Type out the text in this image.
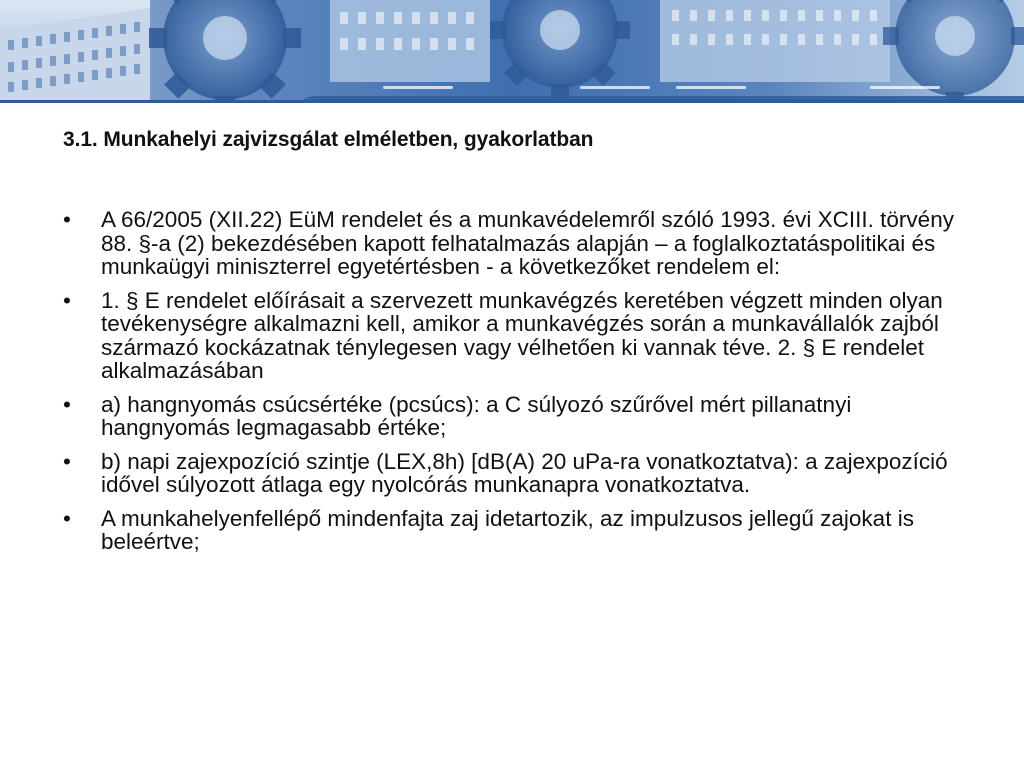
3.1. Munkahelyi zajvizsgálat elméletben, gyakorlatban
•	A 66/2005 (XII.22) EüM rendelet és a munkavédelemről szóló 1993. évi XCIII. törvény 88. §-a (2) bekezdésében kapott felhatalmazás alapján – a foglalkoztatáspolitikai és munkaügyi miniszterrel egyetértésben - a következőket rendelem el:
•	1. § E rendelet előírásait a szervezett munkavégzés keretében végzett minden olyan tevékenységre alkalmazni kell, amikor a munkavégzés során a munkavállalók zajból származó kockázatnak ténylegesen vagy vélhetően ki vannak téve. 2. § E rendelet alkalmazásában
•	a) hangnyomás csúcsértéke (pcsúcs): a C súlyozó szűrővel mért pillanatnyi hangnyomás legmagasabb értéke;
•	b) napi zajexpozíció szintje (LEX,8h) [dB(A) 20 uPa-ra vonatkoztatva): a zajexpozíció idővel súlyozott átlaga egy nyolcórás munkanapra vonatkoztatva.
•	A munkahelyenfellépő mindenfajta zaj idetartozik, az impulzusos jellegű zajokat is beleértve;
